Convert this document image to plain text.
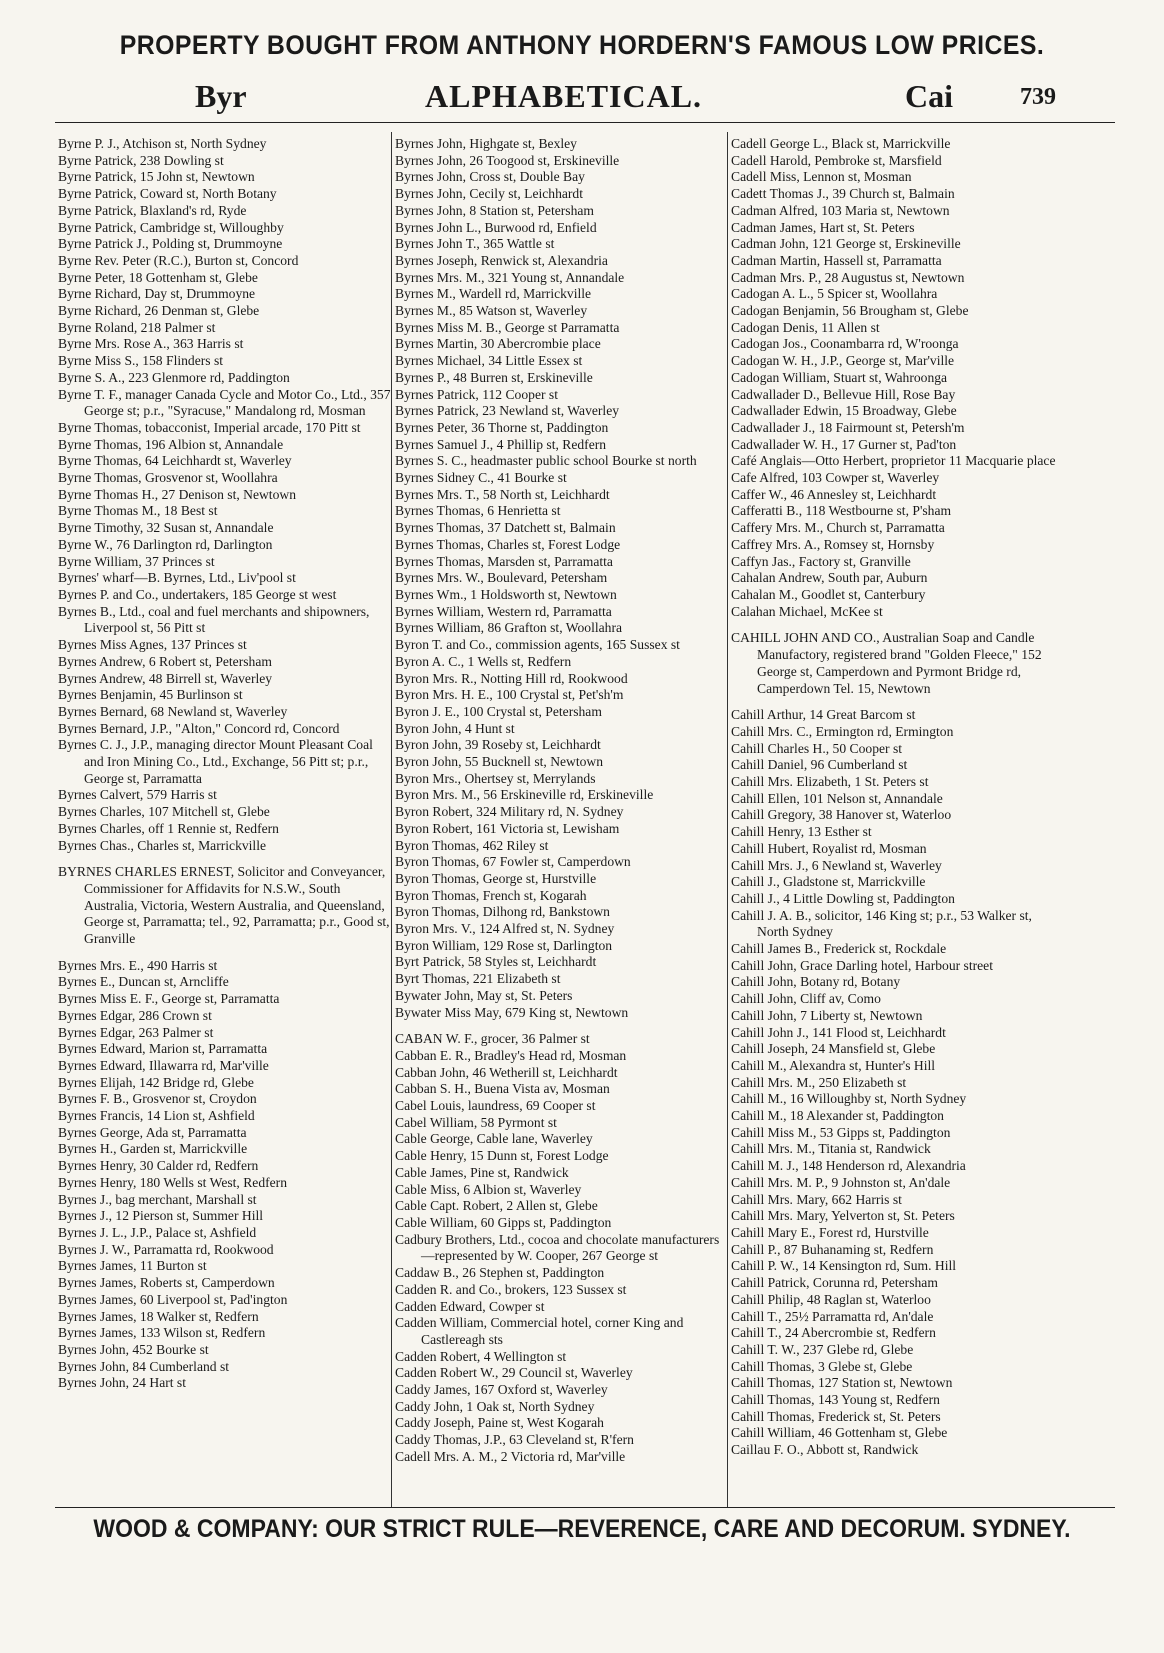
PROPERTY BOUGHT FROM ANTHONY HORDERN'S FAMOUS LOW PRICES.
Byr	ALPHABETICAL.	Cai	739
Byrne P. J., Atchison st, North Sydney
Byrne Patrick, 238 Dowling st
Byrne Patrick, 15 John st, Newtown
Byrne Patrick, Coward st, North Botany
Byrne Patrick, Blaxland's rd, Ryde
Byrne Patrick, Cambridge st, Willoughby
Byrne Patrick J., Polding st, Drummoyne
Byrne Rev. Peter (R.C.), Burton st, Concord
Byrne Peter, 18 Gottenham st, Glebe
Byrne Richard, Day st, Drummoyne
Byrne Richard, 26 Denman st, Glebe
Byrne Roland, 218 Palmer st
Byrne Mrs. Rose A., 363 Harris st
Byrne Miss S., 158 Flinders st
Byrne S. A., 223 Glenmore rd, Paddington
Byrne T. F., manager Canada Cycle and Motor Co., Ltd., 357 George st; p.r., "Syracuse," Mandalong rd, Mosman
Byrne Thomas, tobacconist, Imperial arcade, 170 Pitt st
Byrne Thomas, 196 Albion st, Annandale
Byrne Thomas, 64 Leichhardt st, Waverley
Byrne Thomas, Grosvenor st, Woollahra
Byrne Thomas H., 27 Denison st, Newtown
Byrne Thomas M., 18 Best st
Byrne Timothy, 32 Susan st, Annandale
Byrne W., 76 Darlington rd, Darlington
Byrne William, 37 Princes st
Byrnes' wharf—B. Byrnes, Ltd., Liv'pool st
Byrnes P. and Co., undertakers, 185 George st west
Byrnes B., Ltd., coal and fuel merchants and shipowners, Liverpool st, 56 Pitt st
Byrnes Miss Agnes, 137 Princes st
Byrnes Andrew, 6 Robert st, Petersham
Byrnes Andrew, 48 Birrell st, Waverley
Byrnes Benjamin, 45 Burlinson st
Byrnes Bernard, 68 Newland st, Waverley
Byrnes Bernard, J.P., "Alton," Concord rd, Concord
Byrnes C. J., J.P., managing director Mount Pleasant Coal and Iron Mining Co., Ltd., Exchange, 56 Pitt st; p.r., George st, Parramatta
Byrnes Calvert, 579 Harris st
Byrnes Charles, 107 Mitchell st, Glebe
Byrnes Charles, off 1 Rennie st, Redfern
Byrnes Chas., Charles st, Marrickville
BYRNES CHARLES ERNEST, Solicitor and Conveyancer, Commissioner for Affidavits for N.S.W., South Australia, Victoria, Western Australia, and Queensland, George st, Parramatta; tel., 92, Parramatta; p.r., Good st, Granville
Byrnes Mrs. E., 490 Harris st
Byrnes E., Duncan st, Arncliffe
Byrnes Miss E. F., George st, Parramatta
Byrnes Edgar, 286 Crown st
Byrnes Edgar, 263 Palmer st
Byrnes Edward, Marion st, Parramatta
Byrnes Edward, Illawarra rd, Mar'ville
Byrnes Elijah, 142 Bridge rd, Glebe
Byrnes F. B., Grosvenor st, Croydon
Byrnes Francis, 14 Lion st, Ashfield
Byrnes George, Ada st, Parramatta
Byrnes H., Garden st, Marrickville
Byrnes Henry, 30 Calder rd, Redfern
Byrnes Henry, 180 Wells st West, Redfern
Byrnes J., bag merchant, Marshall st
Byrnes J., 12 Pierson st, Summer Hill
Byrnes J. L., J.P., Palace st, Ashfield
Byrnes J. W., Parramatta rd, Rookwood
Byrnes James, 11 Burton st
Byrnes James, Roberts st, Camperdown
Byrnes James, 60 Liverpool st, Pad'ington
Byrnes James, 18 Walker st, Redfern
Byrnes James, 133 Wilson st, Redfern
Byrnes John, 452 Bourke st
Byrnes John, 84 Cumberland st
Byrnes John, 24 Hart st
Byrnes John, Highgate st, Bexley
Byrnes John, 26 Toogood st, Erskineville
Byrnes John, Cross st, Double Bay
Byrnes John, Cecily st, Leichhardt
Byrnes John, 8 Station st, Petersham
Byrnes John L., Burwood rd, Enfield
Byrnes John T., 365 Wattle st
Byrnes Joseph, Renwick st, Alexandria
Byrnes Mrs. M., 321 Young st, Annandale
Byrnes M., Wardell rd, Marrickville
Byrnes M., 85 Watson st, Waverley
Byrnes Miss M. B., George st Parramatta
Byrnes Martin, 30 Abercrombie place
Byrnes Michael, 34 Little Essex st
Byrnes P., 48 Burren st, Erskineville
Byrnes Patrick, 112 Cooper st
Byrnes Patrick, 23 Newland st, Waverley
Byrnes Peter, 36 Thorne st, Paddington
Byrnes Samuel J., 4 Phillip st, Redfern
Byrnes S. C., headmaster public school Bourke st north
Byrnes Sidney C., 41 Bourke st
Byrnes Mrs. T., 58 North st, Leichhardt
Byrnes Thomas, 6 Henrietta st
Byrnes Thomas, 37 Datchett st, Balmain
Byrnes Thomas, Charles st, Forest Lodge
Byrnes Thomas, Marsden st, Parramatta
Byrnes Mrs. W., Boulevard, Petersham
Byrnes Wm., 1 Holdsworth st, Newtown
Byrnes William, Western rd, Parramatta
Byrnes William, 86 Grafton st, Woollahra
Byron T. and Co., commission agents, 165 Sussex st
Byron A. C., 1 Wells st, Redfern
Byron Mrs. R., Notting Hill rd, Rookwood
Byron Mrs. H. E., 100 Crystal st, Pet'sh'm
Byron J. E., 100 Crystal st, Petersham
Byron John, 4 Hunt st
Byron John, 39 Roseby st, Leichhardt
Byron John, 55 Bucknell st, Newtown
Byron Mrs., Ohertsey st, Merrylands
Byron Mrs. M., 56 Erskineville rd, Erskineville
Byron Robert, 324 Military rd, N. Sydney
Byron Robert, 161 Victoria st, Lewisham
Byron Thomas, 462 Riley st
Byron Thomas, 67 Fowler st, Camperdown
Byron Thomas, George st, Hurstville
Byron Thomas, French st, Kogarah
Byron Thomas, Dilhong rd, Bankstown
Byron Mrs. V., 124 Alfred st, N. Sydney
Byron William, 129 Rose st, Darlington
Byrt Patrick, 58 Styles st, Leichhardt
Byrt Thomas, 221 Elizabeth st
Bywater John, May st, St. Peters
Bywater Miss May, 679 King st, Newtown
CABAN W. F., grocer, 36 Palmer st
Cabban E. R., Bradley's Head rd, Mosman
Cabban John, 46 Wetherill st, Leichhardt
Cabban S. H., Buena Vista av, Mosman
Cabel Louis, laundress, 69 Cooper st
Cabel William, 58 Pyrmont st
Cable George, Cable lane, Waverley
Cable Henry, 15 Dunn st, Forest Lodge
Cable James, Pine st, Randwick
Cable Miss, 6 Albion st, Waverley
Cable Capt. Robert, 2 Allen st, Glebe
Cable William, 60 Gipps st, Paddington
Cadbury Brothers, Ltd., cocoa and chocolate manufacturers—represented by W. Cooper, 267 George st
Caddaw B., 26 Stephen st, Paddington
Cadden R. and Co., brokers, 123 Sussex st
Cadden Edward, Cowper st
Cadden William, Commercial hotel, corner King and Castlereagh sts
Cadden Robert, 4 Wellington st
Cadden Robert W., 29 Council st, Waverley
Caddy James, 167 Oxford st, Waverley
Caddy John, 1 Oak st, North Sydney
Caddy Joseph, Paine st, West Kogarah
Caddy Thomas, J.P., 63 Cleveland st, R'fern
Cadell Mrs. A. M., 2 Victoria rd, Mar'ville
Cadell George L., Black st, Marrickville
Cadell Harold, Pembroke st, Marsfield
Cadell Miss, Lennon st, Mosman
Cadett Thomas J., 39 Church st, Balmain
Cadman Alfred, 103 Maria st, Newtown
Cadman James, Hart st, St. Peters
Cadman John, 121 George st, Erskineville
Cadman Martin, Hassell st, Parramatta
Cadman Mrs. P., 28 Augustus st, Newtown
Cadogan A. L., 5 Spicer st, Woollahra
Cadogan Benjamin, 56 Brougham st, Glebe
Cadogan Denis, 11 Allen st
Cadogan Jos., Coonambarra rd, W'roonga
Cadogan W. H., J.P., George st, Mar'ville
Cadogan William, Stuart st, Wahroonga
Cadwallader D., Bellevue Hill, Rose Bay
Cadwallader Edwin, 15 Broadway, Glebe
Cadwallader J., 18 Fairmount st, Petersh'm
Cadwallader W. H., 17 Gurner st, Pad'ton
Café Anglais—Otto Herbert, proprietor 11 Macquarie place
Cafe Alfred, 103 Cowper st, Waverley
Caffer W., 46 Annesley st, Leichhardt
Cafferatti B., 118 Westbourne st, P'sham
Caffery Mrs. M., Church st, Parramatta
Caffrey Mrs. A., Romsey st, Hornsby
Caffyn Jas., Factory st, Granville
Cahalan Andrew, South par, Auburn
Cahalan M., Goodlet st, Canterbury
Calahan Michael, McKee st
CAHILL JOHN AND CO., Australian Soap and Candle Manufactory, registered brand "Golden Fleece," 152 George st, Camperdown and Pyrmont Bridge rd, Camperdown Tel. 15, Newtown
Cahill Arthur, 14 Great Barcom st
Cahill Mrs. C., Ermington rd, Ermington
Cahill Charles H., 50 Cooper st
Cahill Daniel, 96 Cumberland st
Cahill Mrs. Elizabeth, 1 St. Peters st
Cahill Ellen, 101 Nelson st, Annandale
Cahill Gregory, 38 Hanover st, Waterloo
Cahill Henry, 13 Esther st
Cahill Hubert, Royalist rd, Mosman
Cahill Mrs. J., 6 Newland st, Waverley
Cahill J., Gladstone st, Marrickville
Cahill J., 4 Little Dowling st, Paddington
Cahill J. A. B., solicitor, 146 King st; p.r., 53 Walker st, North Sydney
Cahill James B., Frederick st, Rockdale
Cahill John, Grace Darling hotel, Harbour street
Cahill John, Botany rd, Botany
Cahill John, Cliff av, Como
Cahill John, 7 Liberty st, Newtown
Cahill John J., 141 Flood st, Leichhardt
Cahill Joseph, 24 Mansfield st, Glebe
Cahill M., Alexandra st, Hunter's Hill
Cahill Mrs. M., 250 Elizabeth st
Cahill M., 16 Willoughby st, North Sydney
Cahill M., 18 Alexander st, Paddington
Cahill Miss M., 53 Gipps st, Paddington
Cahill Mrs. M., Titania st, Randwick
Cahill M. J., 148 Henderson rd, Alexandria
Cahill Mrs. M. P., 9 Johnston st, An'dale
Cahill Mrs. Mary, 662 Harris st
Cahill Mrs. Mary, Yelverton st, St. Peters
Cahill Mary E., Forest rd, Hurstville
Cahill P., 87 Buhanaming st, Redfern
Cahill P. W., 14 Kensington rd, Sum. Hill
Cahill Patrick, Corunna rd, Petersham
Cahill Philip, 48 Raglan st, Waterloo
Cahill T., 25½ Parramatta rd, An'dale
Cahill T., 24 Abercrombie st, Redfern
Cahill T. W., 237 Glebe rd, Glebe
Cahill Thomas, 3 Glebe st, Glebe
Cahill Thomas, 127 Station st, Newtown
Cahill Thomas, 143 Young st, Redfern
Cahill Thomas, Frederick st, St. Peters
Cahill William, 46 Gottenham st, Glebe
Caillau F. O., Abbott st, Randwick
WOOD & COMPANY: OUR STRICT RULE—REVERENCE, CARE AND DECORUM. SYDNEY.
